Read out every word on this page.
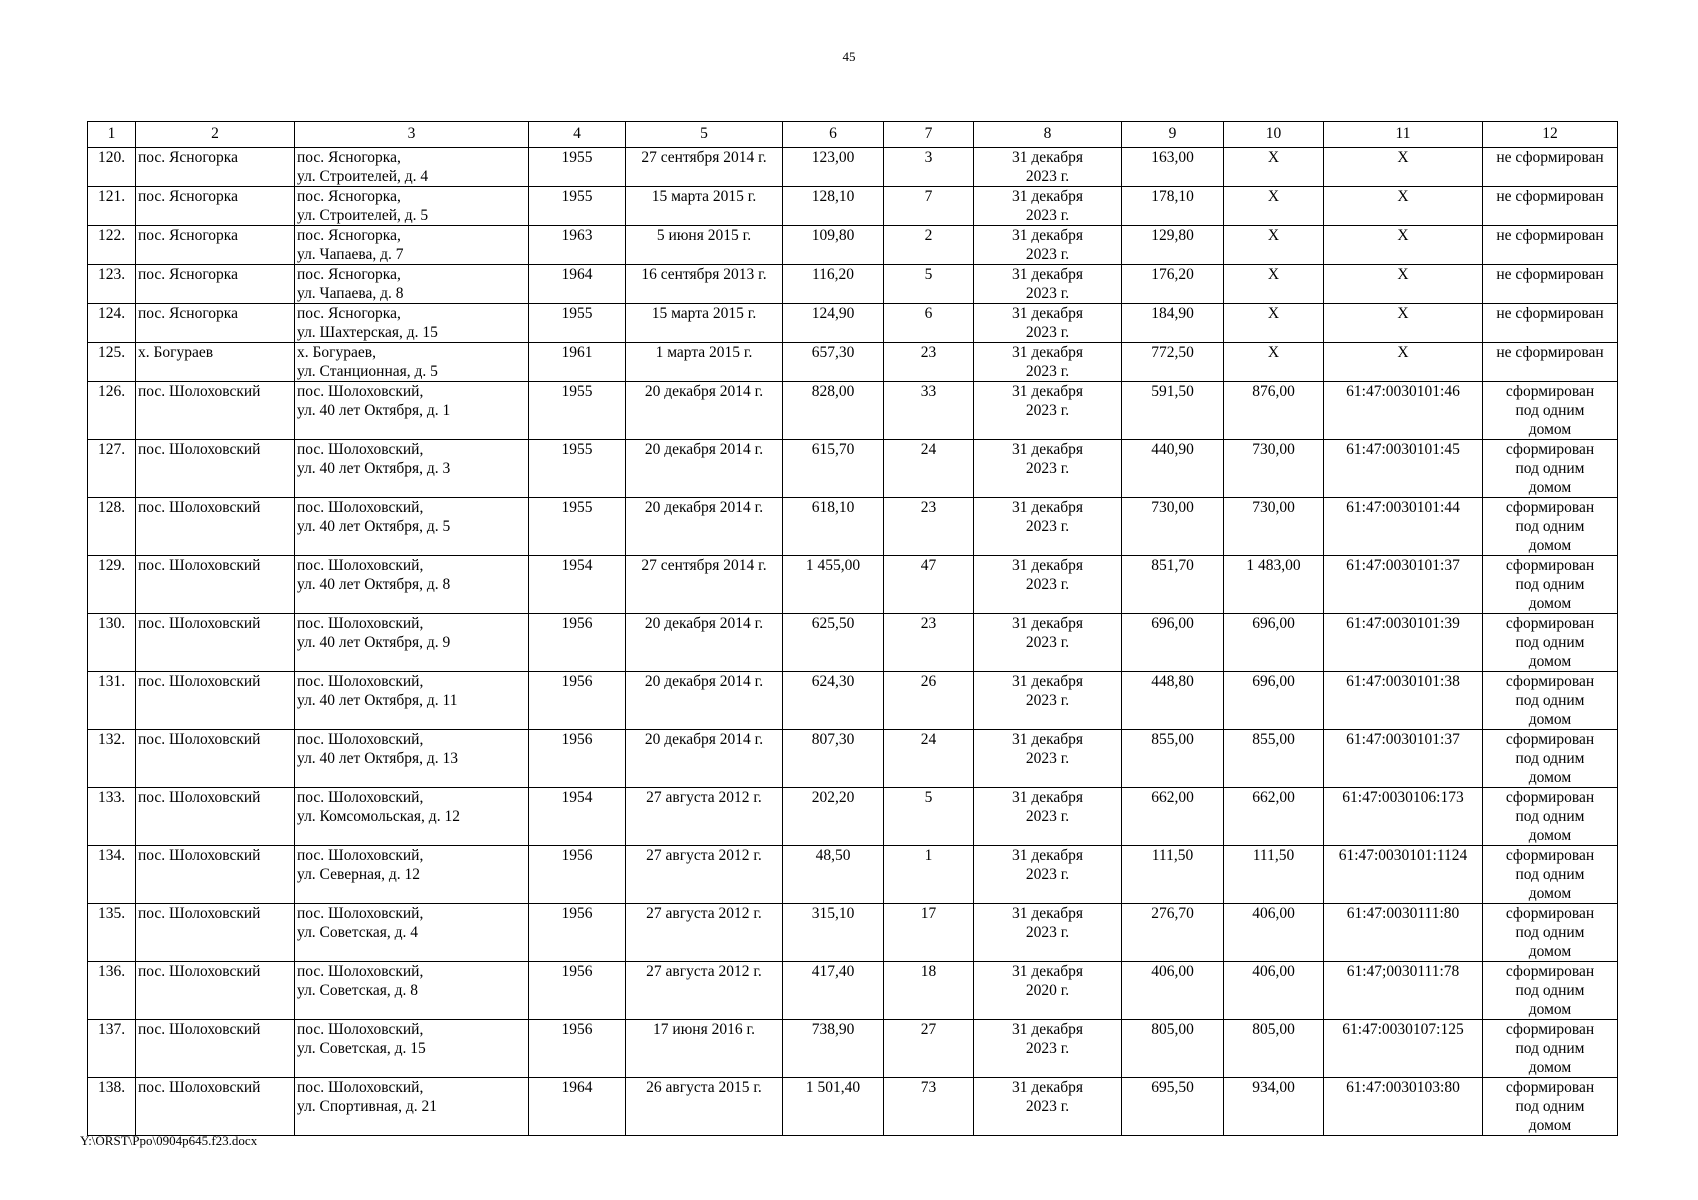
45
1	2	3	4	5	6	7	8	9	10	11	12

120.	пос. Ясногорка	пос. Ясногорка,
ул. Строителей, д. 4	1955	27 сентября 2014 г.	123,00	3	31 декабря
2023 г.	163,00	X	X	не сформирован

121.	пос. Ясногорка	пос. Ясногорка,
ул. Строителей, д. 5	1955	15 марта 2015 г.	128,10	7	31 декабря
2023 г.	178,10	X	X	не сформирован

122.	пос. Ясногорка	пос. Ясногорка,
ул. Чапаева, д. 7	1963	5 июня 2015 г.	109,80	2	31 декабря
2023 г.	129,80	X	X	не сформирован

123.	пос. Ясногорка	пос. Ясногорка,
ул. Чапаева, д. 8	1964	16 сентября 2013 г.	116,20	5	31 декабря
2023 г.	176,20	X	X	не сформирован

124.	пос. Ясногорка	пос. Ясногорка,
ул. Шахтерская, д. 15	1955	15 марта 2015 г.	124,90	6	31 декабря
2023 г.	184,90	X	X	не сформирован

125.	х. Богураев	х. Богураев,
ул. Станционная, д. 5	1961	1 марта 2015 г.	657,30	23	31 декабря
2023 г.	772,50	X	X	не сформирован

126.	пос. Шолоховский	пос. Шолоховский,
ул. 40 лет Октября, д. 1	1955	20 декабря 2014 г.	828,00	33	31 декабря
2023 г.	591,50	876,00	61:47:0030101:46	сформирован
под одним
домом

127.	пос. Шолоховский	пос. Шолоховский,
ул. 40 лет Октября, д. 3	1955	20 декабря 2014 г.	615,70	24	31 декабря
2023 г.	440,90	730,00	61:47:0030101:45	сформирован
под одним
домом

128.	пос. Шолоховский	пос. Шолоховский,
ул. 40 лет Октября, д. 5	1955	20 декабря 2014 г.	618,10	23	31 декабря
2023 г.	730,00	730,00	61:47:0030101:44	сформирован
под одним
домом

129.	пос. Шолоховский	пос. Шолоховский,
ул. 40 лет Октября, д. 8	1954	27 сентября 2014 г.	1 455,00	47	31 декабря
2023 г.	851,70	1 483,00	61:47:0030101:37	сформирован
под одним
домом

130.	пос. Шолоховский	пос. Шолоховский,
ул. 40 лет Октября, д. 9	1956	20 декабря 2014 г.	625,50	23	31 декабря
2023 г.	696,00	696,00	61:47:0030101:39	сформирован
под одним
домом

131.	пос. Шолоховский	пос. Шолоховский,
ул. 40 лет Октября, д. 11	1956	20 декабря 2014 г.	624,30	26	31 декабря
2023 г.	448,80	696,00	61:47:0030101:38	сформирован
под одним
домом

132.	пос. Шолоховский	пос. Шолоховский,
ул. 40 лет Октября, д. 13	1956	20 декабря 2014 г.	807,30	24	31 декабря
2023 г.	855,00	855,00	61:47:0030101:37	сформирован
под одним
домом

133.	пос. Шолоховский	пос. Шолоховский,
ул. Комсомольская, д. 12	1954	27 августа 2012 г.	202,20	5	31 декабря
2023 г.	662,00	662,00	61:47:0030106:173	сформирован
под одним
домом

134.	пос. Шолоховский	пос. Шолоховский,
ул. Северная, д. 12	1956	27 августа 2012 г.	48,50	1	31 декабря
2023 г.	111,50	111,50	61:47:0030101:1124	сформирован
под одним
домом

135.	пос. Шолоховский	пос. Шолоховский,
ул. Советская, д. 4	1956	27 августа 2012 г.	315,10	17	31 декабря
2023 г.	276,70	406,00	61:47:0030111:80	сформирован
под одним
домом

136.	пос. Шолоховский	пос. Шолоховский,
ул. Советская, д. 8	1956	27 августа 2012 г.	417,40	18	31 декабря
2020 г.	406,00	406,00	61:47;0030111:78	сформирован
под одним
домом

137.	пос. Шолоховский	пос. Шолоховский,
ул. Советская, д. 15	1956	17 июня 2016 г.	738,90	27	31 декабря
2023 г.	805,00	805,00	61:47:0030107:125	сформирован
под одним
домом

138.	пос. Шолоховский	пос. Шолоховский,
ул. Спортивная, д. 21	1964	26 августа 2015 г.	1 501,40	73	31 декабря
2023 г.	695,50	934,00	61:47:0030103:80	сформирован
под одним
домом
Y:\ORST\Ppo\0904p645.f23.docx
